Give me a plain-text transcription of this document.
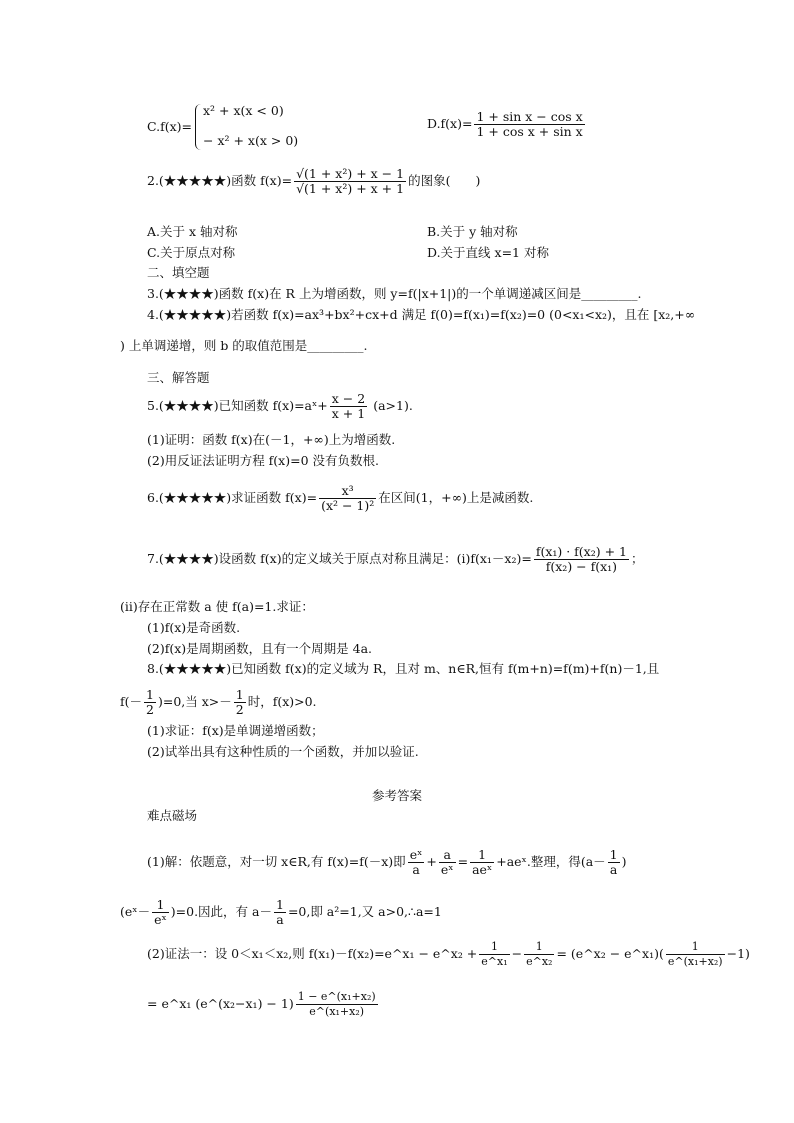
C.f(x)=
x² + x(x < 0)
− x² + x(x > 0)
$D.f(x)= \frac{\text{1 + sin x − cos x}}{\text{1 + cos x + sin x}}$
2.(★★★★★)函数 $f(x)= \frac{\text{√(1 + x²) + x − 1}}{\text{√(1 + x²) + x + 1}}$ 的图象(　　)
A.关于 x 轴对称	B.关于 y 轴对称
C.关于原点对称	D.关于直线 x=1 对称
二、填空题
3.(★★★★)函数 f(x)在 R 上为增函数，则 y=f(|x+1|)的一个单调递减区间是_________.
4.(★★★★★)若函数 f(x)=ax³+bx²+cx+d 满足 f(0)=f(x₁)=f(x₂)=0 (0<x₁<x₂)，且在 [x₂,+∞
) 上单调递增，则 b 的取值范围是_________.
三、解答题
5.(★★★★)已知函数 f(x)=aˣ+ $\frac{x - 2}{x + 1} (a>1)$.
(1)证明：函数 f(x)在(－1，+∞)上为增函数.
(2)用反证法证明方程 f(x)=0 没有负数根.
6.(★★★★★)求证函数 $f(x)= \frac{\text{x³}}{\text{(x² − 1)²}}$ 在区间(1，+∞)上是减函数.
7.(★★★★)设函数 f(x)的定义域关于原点对称且满足：$(i)f(x_1-x_2)= \frac{\text{f(x₁) · f(x₂) + 1}}{\text{f(x₂) − f(x₁)}}$ ；
(ii)存在正常数 a 使 f(a)=1.求证：
(1)f(x)是奇函数.
(2)f(x)是周期函数，且有一个周期是 4a.
8.(★★★★★)已知函数 f(x)的定义域为 R，且对 m、n∈R,恒有 f(m+n)=f(m)+f(n)－1,且
$f(- \frac{1}{2} )=0$,当 $x>- \frac{1}{2}$ 时，f(x)>0.
(1)求证：f(x)是单调递增函数；
(2)试举出具有这种性质的一个函数，并加以验证.
参考答案
难点磁场
(1)解：依题意，对一切 x∈R,有 f(x)=f(－x)即 $\frac{\text{eˣ}}{a} + \frac{a}{\text{eˣ}} = \frac{1}{\text{aeˣ}}$ +aeˣ.整理，得($a- \frac{1}{a}$ )
(eˣ－ $\frac{1}{\text{eˣ}} )=0$.因此，有 $a- \frac{1}{a} =0$,即 a²=1,又 a>0,∴a=1
(2)证法一：设 0＜x₁＜x₂,则 f(x₁)－f(x₂)=e^x₁ − e^x₂ + $\frac{1}{\text{e\textasciicircum{}x₁}} - \frac{1}{\text{e\textasciicircum{}x₂}}$ = (e^x₂ − e^x₁)( $\frac{1}{\text{e\textasciicircum{}(x₁+x₂)}} -1$)
= e^x₁ (e^(x₂−x₁) − $1) \frac{\text{1 − e\textasciicircum{}(x₁+x₂)}}{\text{e\textasciicircum{}(x₁+x₂)}}$
